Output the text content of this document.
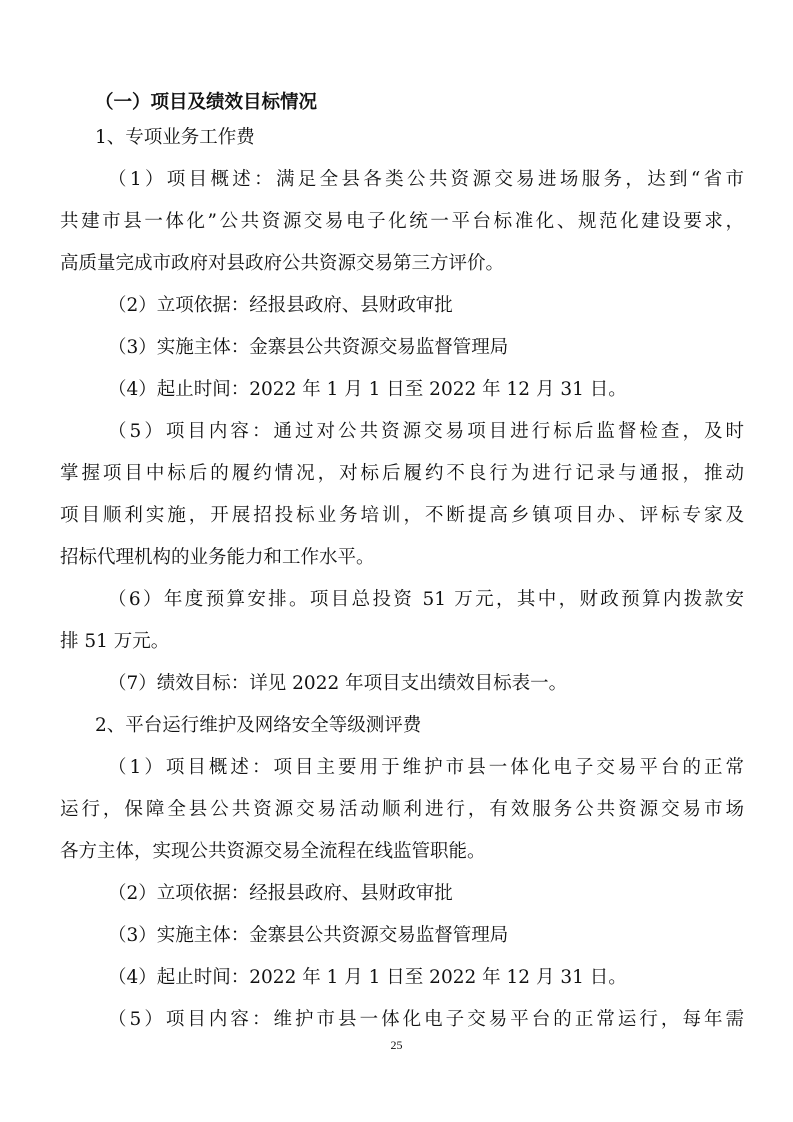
（一）项目及绩效目标情况
1、专项业务工作费
（1）项目概述：满足全县各类公共资源交易进场服务，达到“省市
共建市县一体化”公共资源交易电子化统一平台标准化、规范化建设要求，
高质量完成市政府对县政府公共资源交易第三方评价。
（2）立项依据：经报县政府、县财政审批
（3）实施主体：金寨县公共资源交易监督管理局
（4）起止时间：2022 年 1 月 1 日至 2022 年 12 月 31 日。
（5）项目内容：通过对公共资源交易项目进行标后监督检查，及时
掌握项目中标后的履约情况，对标后履约不良行为进行记录与通报，推动
项目顺利实施，开展招投标业务培训，不断提高乡镇项目办、评标专家及
招标代理机构的业务能力和工作水平。
（6）年度预算安排。项目总投资 51 万元，其中，财政预算内拨款安
排 51 万元。
（7）绩效目标：详见 2022 年项目支出绩效目标表一。
2、平台运行维护及网络安全等级测评费
（1）项目概述：项目主要用于维护市县一体化电子交易平台的正常
运行，保障全县公共资源交易活动顺利进行，有效服务公共资源交易市场
各方主体，实现公共资源交易全流程在线监管职能。
（2）立项依据：经报县政府、县财政审批
（3）实施主体：金寨县公共资源交易监督管理局
（4）起止时间：2022 年 1 月 1 日至 2022 年 12 月 31 日。
（5）项目内容：维护市县一体化电子交易平台的正常运行，每年需
25
